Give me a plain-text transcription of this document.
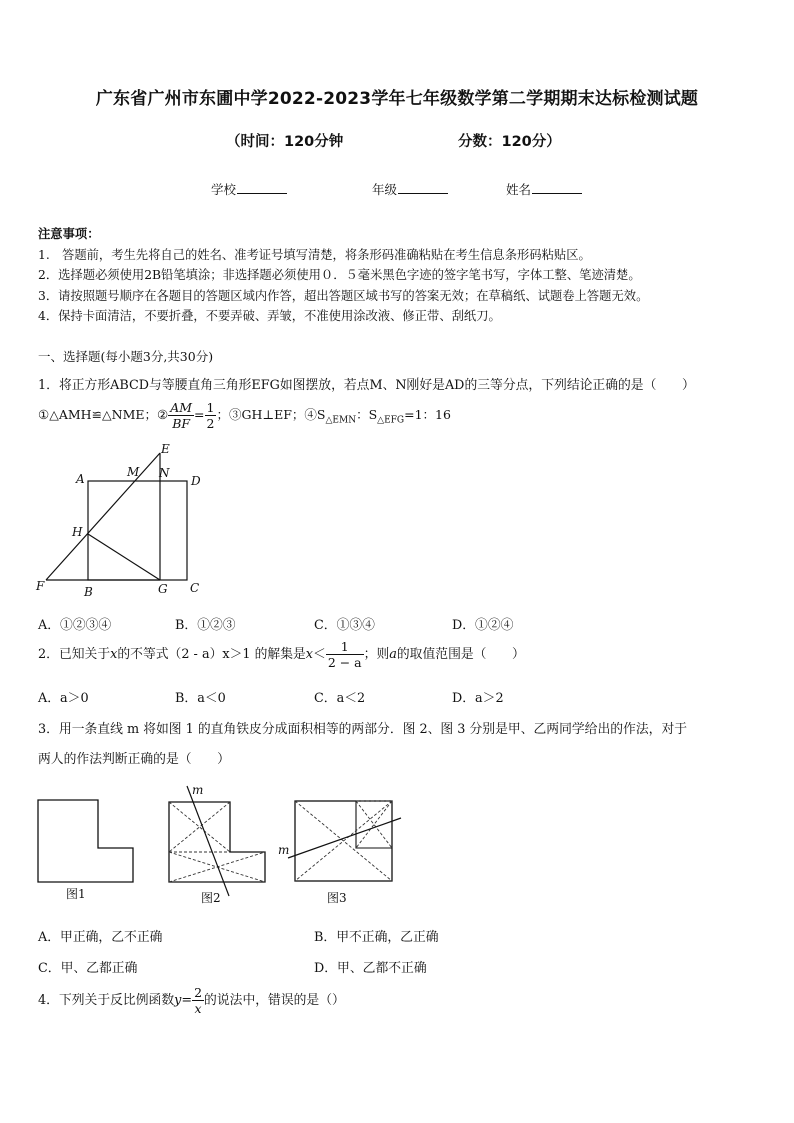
广东省广州市东圃中学2022-2023学年七年级数学第二学期期末达标检测试题
（时间：120分钟	分数：120分）
学校	年级	姓名
注意事项：
1.　答题前，考生先将自己的姓名、准考证号填写清楚，将条形码准确粘贴在考生信息条形码粘贴区。
2．选择题必须使用2B铅笔填涂；非选择题必须使用０．５毫米黑色字迹的签字笔书写，字体工整、笔迹清楚。
3．请按照题号顺序在各题目的答题区域内作答，超出答题区域书写的答案无效；在草稿纸、试题卷上答题无效。
4．保持卡面清洁，不要折叠，不要弄破、弄皱，不准使用涂改液、修正带、刮纸刀。
一、选择题(每小题3分,共30分)
1．将正方形ABCD与等腰直角三角形EFG如图摆放，若点M、N刚好是AD的三等分点，下列结论正确的是（　　）
①△AMH≌△NME；② $\frac{AM}{BF} = \frac{1}{2}$ ；③GH⊥EF；$④S_{\triangle EMN}$：$S_{\triangle EFG}=1$：16
A
B	C
D
E
F	G
H
M N
A．①②③④	B．①②③	C．①③④	D．①②④
2．已知关于x的不等式（2 - a）x＞1 的解集是$x< \frac{1}{2 - a}$ ；则a的取值范围是（　　）
A．a＞0	B．a＜0	C．a＜2	D．a＞2
3．用一条直线 m 将如图 1 的直角铁皮分成面积相等的两部分．图 2、图 3 分别是甲、乙两同学给出的作法，对于
两人的作法判断正确的是（　　）
图1
m
图2
m
图3
A．甲正确，乙不正确	B．甲不正确，乙正确
C．甲、乙都正确	D．甲、乙都不正确
4．下列关于反比例函数$y= \frac{2}{x}$ 的说法中，错误的是（）
